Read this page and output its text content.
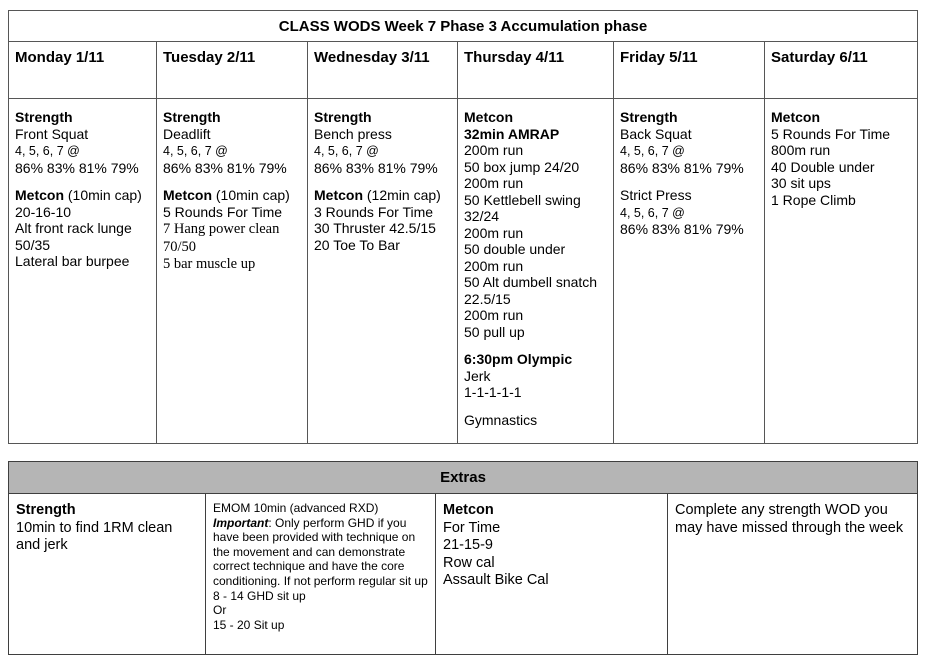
CLASS WODS Week 7 Phase 3 Accumulation phase					
Monday 1/11	Tuesday 2/11	Wednesday 3/11	Thursday 4/11	Friday 5/11	Saturday 6/11

Strength
Front Squat
4, 5, 6, 7 @
86% 83% 81% 79%
Metcon (10min cap)
20-16-10
Alt front rack lunge
50/35
Lateral bar burpee

Strength
Deadlift
4, 5, 6, 7 @
86% 83% 81% 79%
Metcon (10min cap)
5 Rounds For Time
7 Hang power clean
70/50
5 bar muscle up

Strength
Bench press
4, 5, 6, 7 @
86% 83% 81% 79%
Metcon (12min cap)
3 Rounds For Time
30 Thruster 42.5/15
20 Toe To Bar

Metcon
32min AMRAP
200m run
50 box jump 24/20
200m run
50 Kettlebell swing
32/24
200m run
50 double under
200m run
50 Alt dumbell snatch
22.5/15
200m run
50 pull up
6:30pm Olympic
Jerk
1-1-1-1-1
Gymnastics

Strength
Back Squat
4, 5, 6, 7 @
86% 83% 81% 79%
Strict Press
4, 5, 6, 7 @
86% 83% 81% 79%

Metcon
5 Rounds For Time
800m run
40 Double under
30 sit ups
1 Rope Climb
Extras

Strength
10min to find 1RM clean and jerk

EMOM 10min (advanced RXD)
Important: Only perform GHD if you have been provided with technique on the movement and can demonstrate correct technique and have the core conditioning. If not perform regular sit up
8 - 14 GHD sit up
Or
15 - 20 Sit up

Metcon
For Time
21-15-9
Row cal
Assault Bike Cal

Complete any strength WOD you may have missed through the week
